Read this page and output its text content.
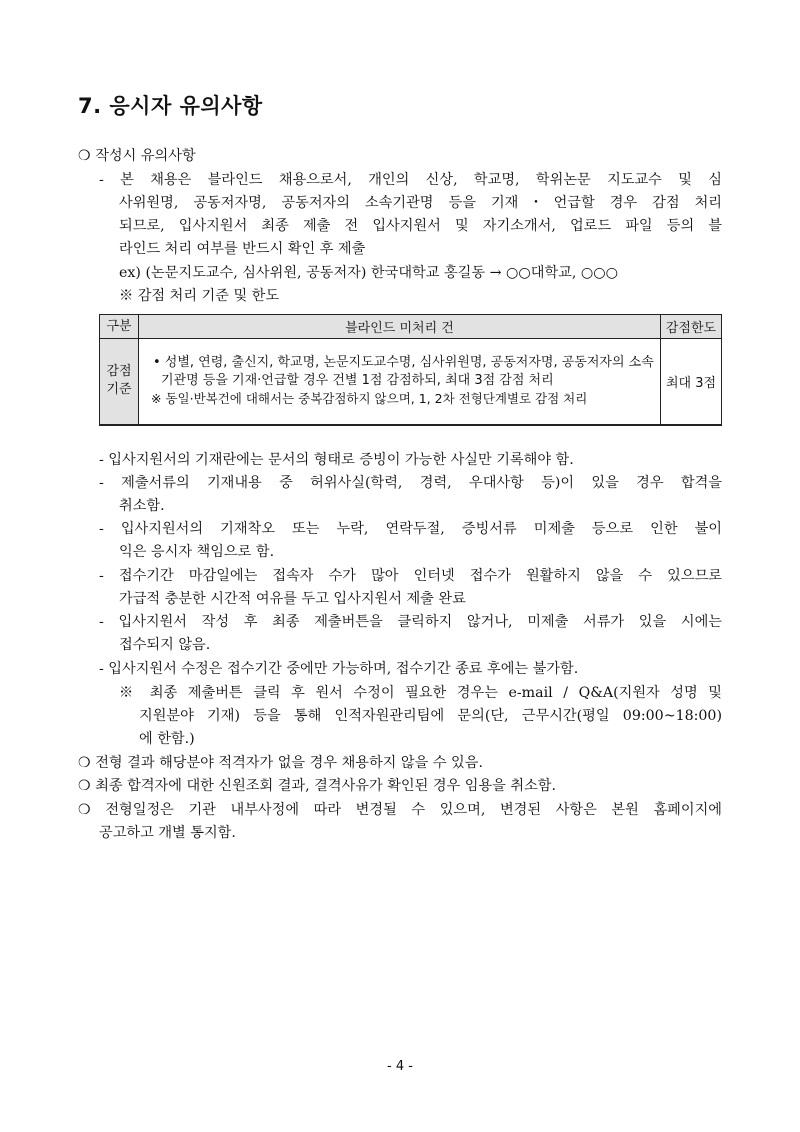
7. 응시자 유의사항
❍ 작성시 유의사항
- 본 채용은 블라인드 채용으로서, 개인의 신상, 학교명, 학위논문 지도교수 및 심
사위원명, 공동저자명, 공동저자의 소속기관명 등을 기재・언급할 경우 감점 처리
되므로, 입사지원서 최종 제출 전 입사지원서 및 자기소개서, 업로드 파일 등의 블
라인드 처리 여부를 반드시 확인 후 제출
ex) (논문지도교수, 심사위원, 공동저자) 한국대학교 홍길동 → ○○대학교, ○○○
※ 감점 처리 기준 및 한도
구분	블라인드 미처리 건	감점한도
감점
기준	• 성별, 연령, 출신지, 학교명, 논문지도교수명, 심사위원명, 공동저자명, 공동저자의 소속기관명 등을 기재·언급할 경우 건별 1점 감점하되, 최대 3점 감점 처리
※ 동일·반복건에 대해서는 중복감점하지 않으며, 1, 2차 전형단계별로 감점 처리	최대 3점
- 입사지원서의 기재란에는 문서의 형태로 증빙이 가능한 사실만 기록해야 함.
- 제출서류의 기재내용 중 허위사실(학력, 경력, 우대사항 등)이 있을 경우 합격을
취소함.
- 입사지원서의 기재착오 또는 누락, 연락두절, 증빙서류 미제출 등으로 인한 불이
익은 응시자 책임으로 함.
- 접수기간 마감일에는 접속자 수가 많아 인터넷 접수가 원활하지 않을 수 있으므로
가급적 충분한 시간적 여유를 두고 입사지원서 제출 완료
- 입사지원서 작성 후 최종 제출버튼을 클릭하지 않거나, 미제출 서류가 있을 시에는
접수되지 않음.
- 입사지원서 수정은 접수기간 중에만 가능하며, 접수기간 종료 후에는 불가함.
※ 최종 제출버튼 클릭 후 원서 수정이 필요한 경우는 e-mail / Q&A(지원자 성명 및
지원분야 기재) 등을 통해 인적자원관리팀에 문의(단, 근무시간(평일 09:00~18:00)
에 한함.)
❍ 전형 결과 해당분야 적격자가 없을 경우 채용하지 않을 수 있음.
❍ 최종 합격자에 대한 신원조회 결과, 결격사유가 확인된 경우 임용을 취소함.
❍ 전형일정은 기관 내부사정에 따라 변경될 수 있으며, 변경된 사항은 본원 홈페이지에
공고하고 개별 통지함.
- 4 -
